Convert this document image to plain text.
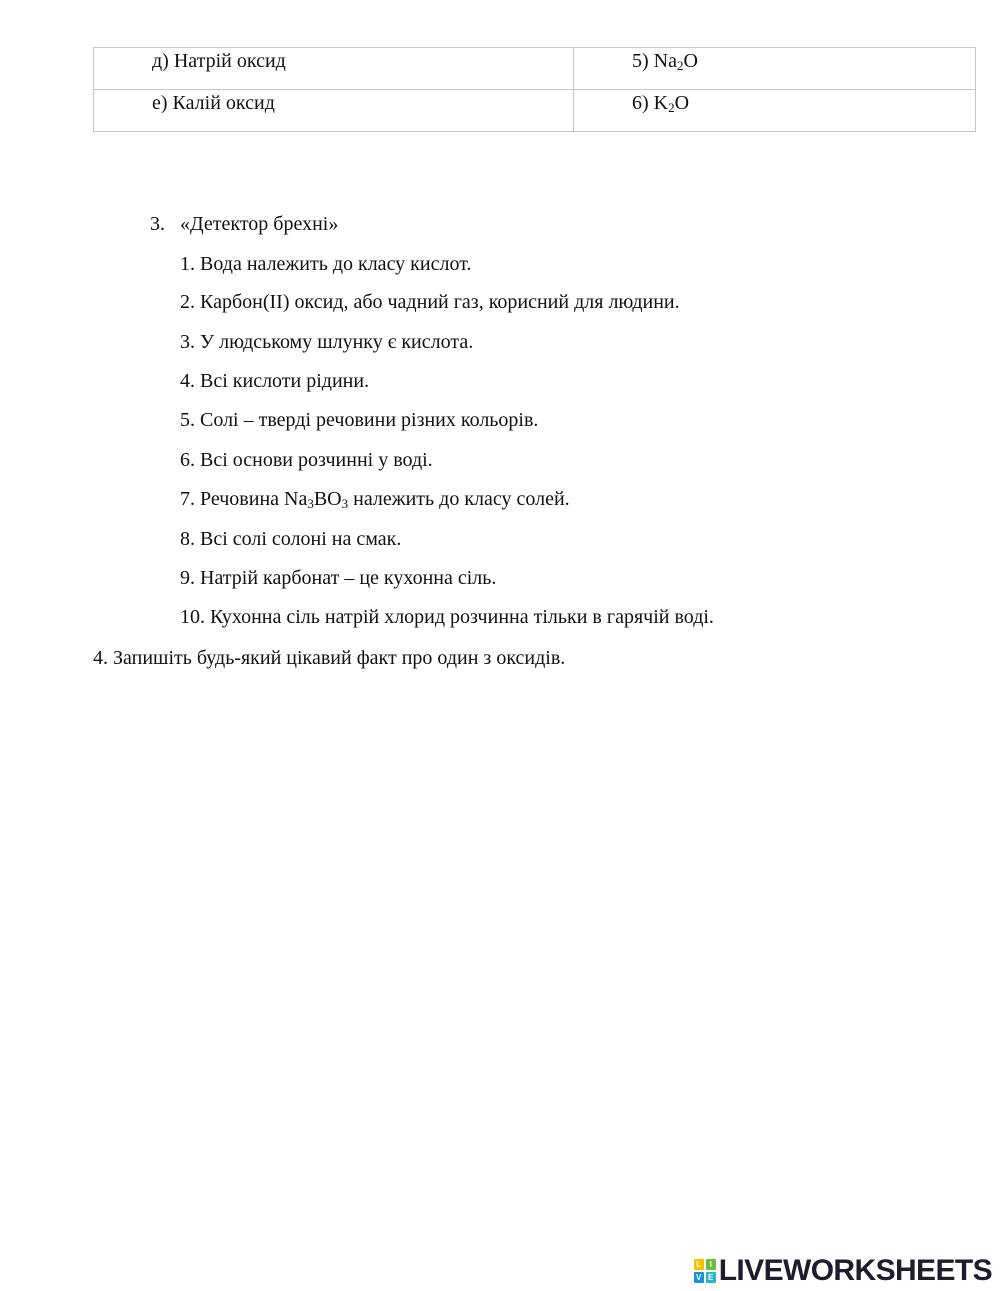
д) Натрій оксид	5) $Na_2O$
е) Калій оксид	6) $K_2O$
3. «Детектор брехні»
1. Вода належить до класу кислот.
2. Карбон(ІІ) оксид, або чадний газ, корисний для людини.
3. У людському шлунку є кислота.
4. Всі кислоти рідини.
5. Солі – тверді речовини різних кольорів.
6. Всі основи розчинні у воді.
7. Речовина $Na_3BO_3$ належить до класу солей.
8. Всі солі солоні на смак.
9. Натрій карбонат – це кухонна сіль.
10. Кухонна сіль натрій хлорид розчинна тільки в гарячій воді.
4. Запишіть будь-який цікавий факт про один з оксидів.
L	I
V E LIVEWORKSHEETS
